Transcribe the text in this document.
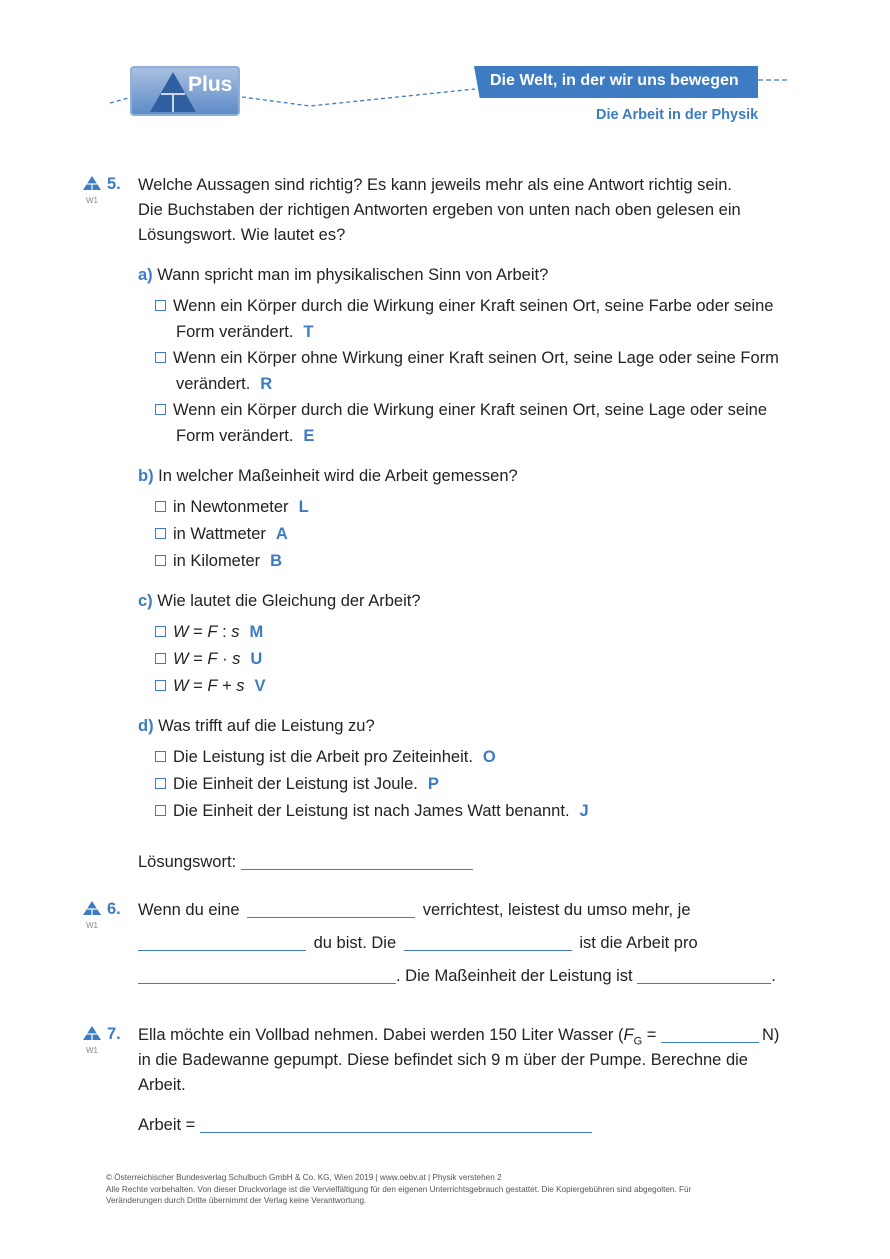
Plus	Die Welt, in der wir uns bewegen
Die Arbeit in der Physik
W1
5. Welche Aussagen sind richtig? Es kann jeweils mehr als eine Antwort richtig sein.
Die Buchstaben der richtigen Antworten ergeben von unten nach oben gelesen ein
Lösungswort. Wie lautet es?
a) Wann spricht man im physikalischen Sinn von Arbeit?
Wenn ein Körper durch die Wirkung einer Kraft seinen Ort, seine Farbe oder seine
Form verändert. T
Wenn ein Körper ohne Wirkung einer Kraft seinen Ort, seine Lage oder seine Form
verändert. R
Wenn ein Körper durch die Wirkung einer Kraft seinen Ort, seine Lage oder seine
Form verändert. E
b) In welcher Maßeinheit wird die Arbeit gemessen?
in Newtonmeter L
in Wattmeter A
in Kilometer B
c) Wie lautet die Gleichung der Arbeit?
W = F : s M
W = F · s U
W = F + s V
d) Was trifft auf die Leistung zu?
Die Leistung ist die Arbeit pro Zeiteinheit. O
Die Einheit der Leistung ist Joule. P
Die Einheit der Leistung ist nach James Watt benannt. J
Lösungswort:
W1
6. Wenn du eine	verrichtest, leistest du umso mehr, je
du bist. Die	ist die Arbeit pro
. Die Maßeinheit der Leistung ist	.
W1
7. Ella möchte ein Vollbad nehmen. Dabei werden 150 Liter Wasser ($F_G$ =	N)
in die Badewanne gepumpt. Diese befindet sich 9 m über der Pumpe. Berechne die
Arbeit.
Arbeit =
© Österreichischer Bundesverlag Schulbuch GmbH & Co. KG, Wien 2019 | www.oebv.at | Physik verstehen 2
Alle Rechte vorbehalten. Von dieser Druckvorlage ist die Vervielfältigung für den eigenen Unterrichtsgebrauch gestattet. Die Kopiergebühren sind abgegolten. Für
Veränderungen durch Dritte übernimmt der Verlag keine Verantwortung.
